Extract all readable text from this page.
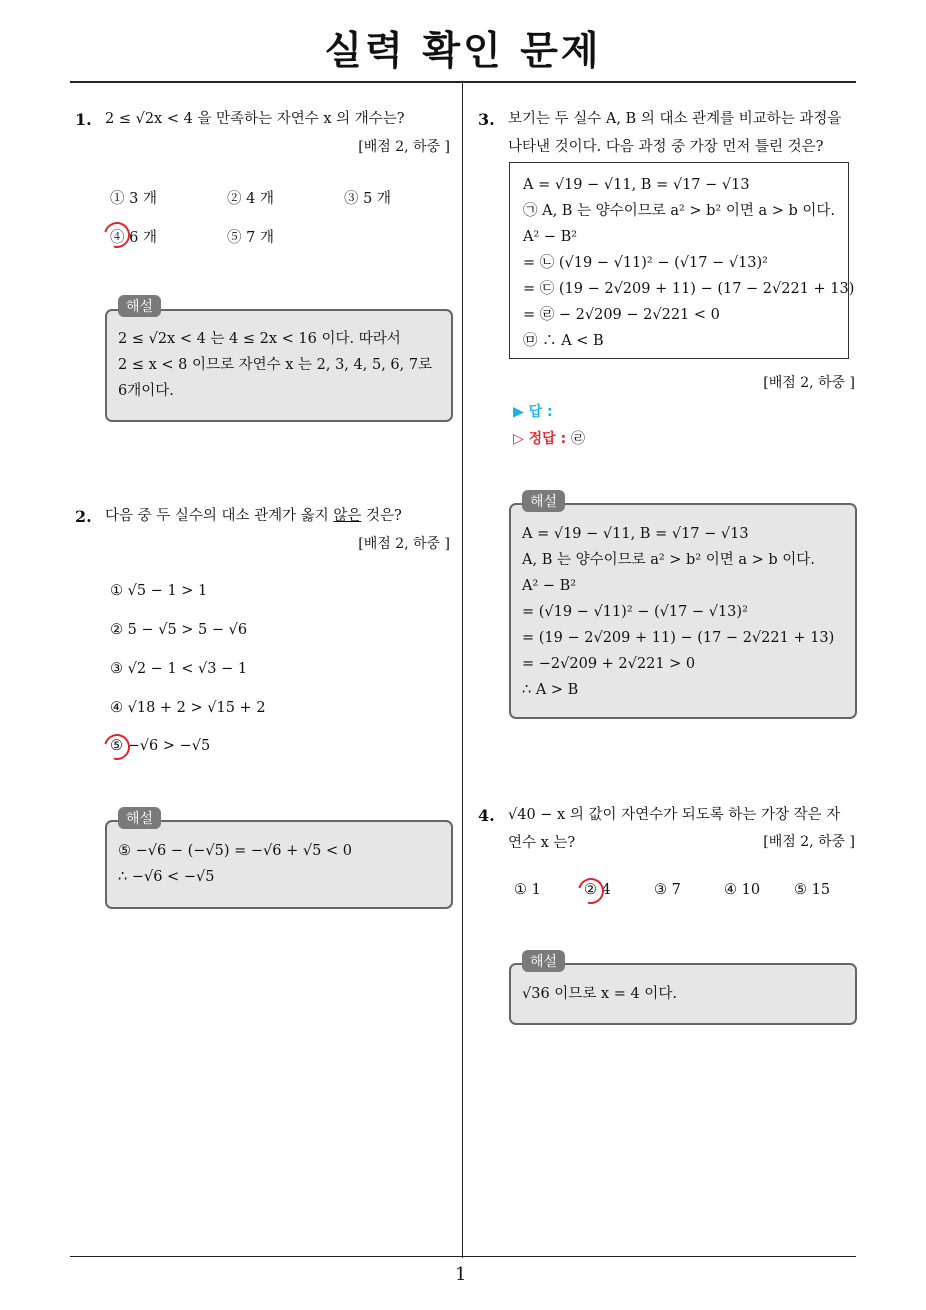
실력 확인 문제
1. 2 ≤ √2x < 4 을 만족하는 자연수 x 의 개수는?
[배점 2, 하중 ]
① 3 개	② 4 개	③ 5 개
④ 6 개	⑤ 7 개
해설
2 ≤ √2x < 4 는 4 ≤ 2x < 16 이다. 따라서
2 ≤ x < 8 이므로 자연수 x 는 2, 3, 4, 5, 6, 7로
6개이다.
2. 다음 중 두 실수의 대소 관계가 옳지 않은 것은?
[배점 2, 하중 ]
① √5 − 1 > 1
② 5 − √5 > 5 − √6
③ √2 − 1 < √3 − 1
④ √18 + 2 > √15 + 2
⑤ −√6 > −√5
해설
⑤ −√6 − (−√5) = −√6 + √5 < 0
∴ −√6 < −√5
3. 보기는 두 실수 A, B 의 대소 관계를 비교하는 과정을
나타낸 것이다. 다음 과정 중 가장 먼저 틀린 것은?
A = √19 − √11, B = √17 − √13
㉠ A, B 는 양수이므로 a² > b² 이면 a > b 이다.
A² − B²
= ㉡ (√19 − √11)² − (√17 − √13)²
= ㉢ (19 − 2√209 + 11) − (17 − 2√221 + 13)
= ㉣ − 2√209 − 2√221 < 0
㉤ ∴ A < B
[배점 2, 하중 ]
▶ 답 :
▷ 정답 : ㉣
해설
A = √19 − √11, B = √17 − √13
A, B 는 양수이므로 a² > b² 이면 a > b 이다.
A² − B²
= (√19 − √11)² − (√17 − √13)²
= (19 − 2√209 + 11) − (17 − 2√221 + 13)
= −2√209 + 2√221 > 0
∴ A > B
4. √40 − x 의 값이 자연수가 되도록 하는 가장 작은 자
연수 x 는?	[배점 2, 하중 ]
① 1	② 4	③ 7	④ 10 ⑤ 15
해설
√36 이므로 x = 4 이다.
1
